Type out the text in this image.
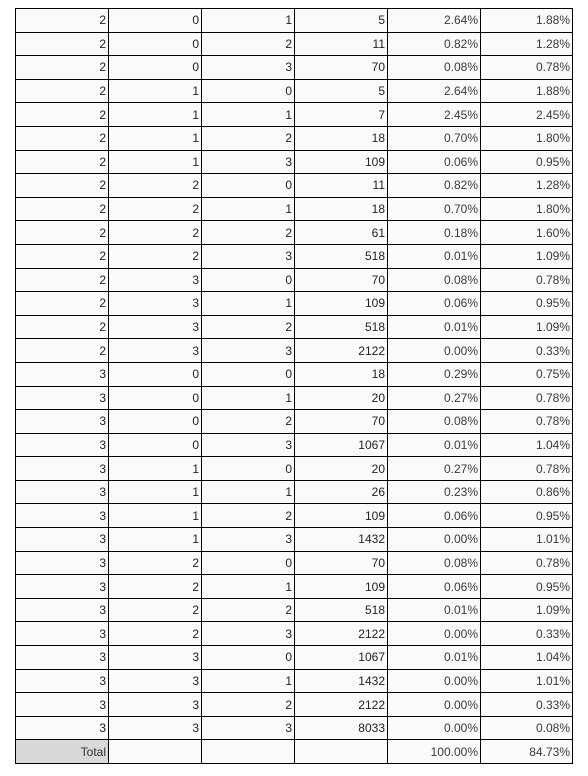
2	0	1	5	2.64%	1.88%
2	0	2	11	0.82%	1.28%
2	0	3	70	0.08%	0.78%
2	1	0	5	2.64%	1.88%
2	1	1	7	2.45%	2.45%
2	1	2	18	0.70%	1.80%
2	1	3	109	0.06%	0.95%
2	2	0	11	0.82%	1.28%
2	2	1	18	0.70%	1.80%
2	2	2	61	0.18%	1.60%
2	2	3	518	0.01%	1.09%
2	3	0	70	0.08%	0.78%
2	3	1	109	0.06%	0.95%
2	3	2	518	0.01%	1.09%
2	3	3	2122	0.00%	0.33%
3	0	0	18	0.29%	0.75%
3	0	1	20	0.27%	0.78%
3	0	2	70	0.08%	0.78%
3	0	3	1067	0.01%	1.04%
3	1	0	20	0.27%	0.78%
3	1	1	26	0.23%	0.86%
3	1	2	109	0.06%	0.95%
3	1	3	1432	0.00%	1.01%
3	2	0	70	0.08%	0.78%
3	2	1	109	0.06%	0.95%
3	2	2	518	0.01%	1.09%
3	2	3	2122	0.00%	0.33%
3	3	0	1067	0.01%	1.04%
3	3	1	1432	0.00%	1.01%
3	3	2	2122	0.00%	0.33%
3	3	3	8033	0.00%	0.08%
Total				100.00%	84.73%
